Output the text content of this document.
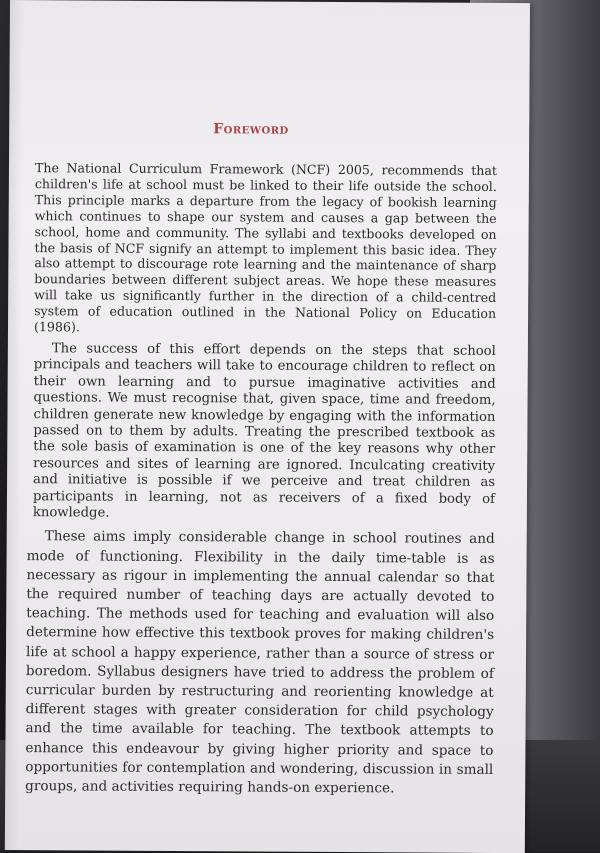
Foreword

The National Curriculum Framework (NCF) 2005, recommends that children's life at school must be linked to their life outside the school. This principle marks a departure from the legacy of bookish learning which continues to shape our system and causes a gap between the school, home and community. The syllabi and textbooks developed on the basis of NCF signify an attempt to implement this basic idea. They also attempt to discourage rote learning and the maintenance of sharp boundaries between different subject areas. We hope these measures will take us significantly further in the direction of a child-centred system of education outlined in the National Policy on Education (1986).

The success of this effort depends on the steps that school principals and teachers will take to encourage children to reflect on their own learning and to pursue imaginative activities and questions. We must recognise that, given space, time and freedom, children generate new knowledge by engaging with the information passed on to them by adults. Treating the prescribed textbook as the sole basis of examination is one of the key reasons why other resources and sites of learning are ignored. Inculcating creativity and initiative is possible if we perceive and treat children as participants in learning, not as receivers of a fixed body of knowledge.

These aims imply considerable change in school routines and mode of functioning. Flexibility in the daily time-table is as necessary as rigour in implementing the annual calendar so that the required number of teaching days are actually devoted to teaching. The methods used for teaching and evaluation will also determine how effective this textbook proves for making children's life at school a happy experience, rather than a source of stress or boredom. Syllabus designers have tried to address the problem of curricular burden by restructuring and reorienting knowledge at different stages with greater consideration for child psychology and the time available for teaching. The textbook attempts to enhance this endeavour by giving higher priority and space to opportunities for contemplation and wondering, discussion in small groups, and activities requiring hands-on experience.
